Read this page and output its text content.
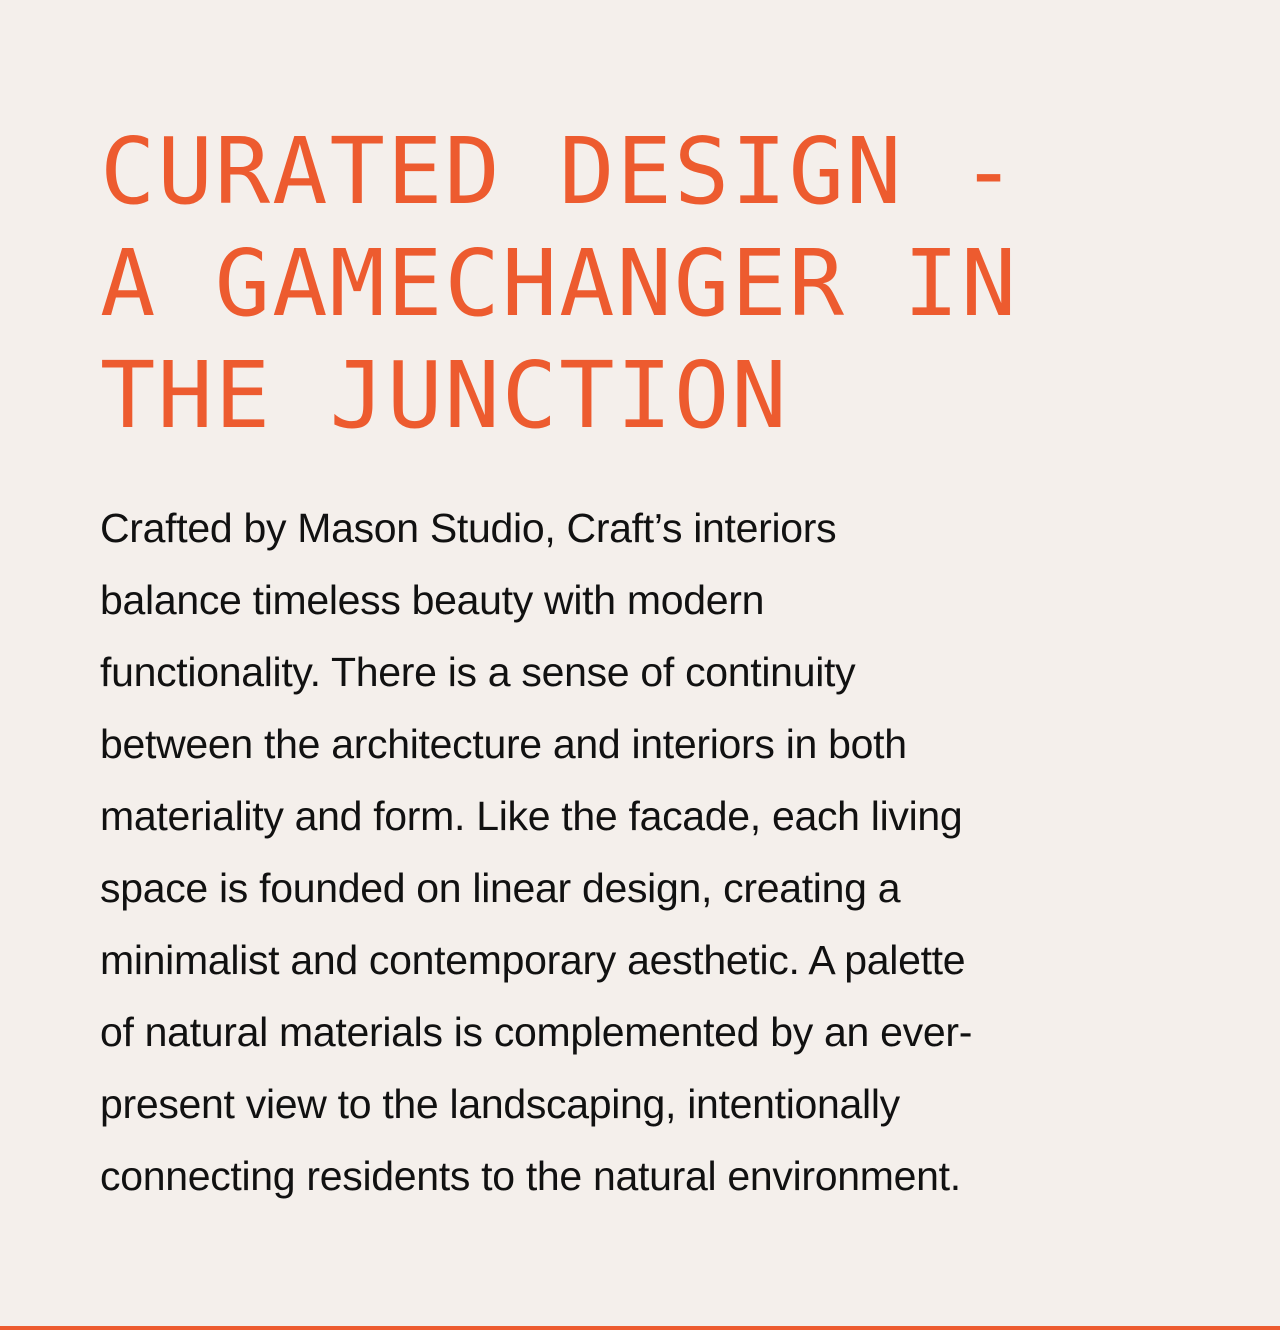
CURATED DESIGN -
A GAMECHANGER IN
THE JUNCTION

Crafted by Mason Studio, Craft’s interiors
balance timeless beauty with modern
functionality. There is a sense of continuity
between the architecture and interiors in both
materiality and form. Like the facade, each living
space is founded on linear design, creating a
minimalist and contemporary aesthetic. A palette
of natural materials is complemented by an ever-
present view to the landscaping, intentionally
connecting residents to the natural environment.
